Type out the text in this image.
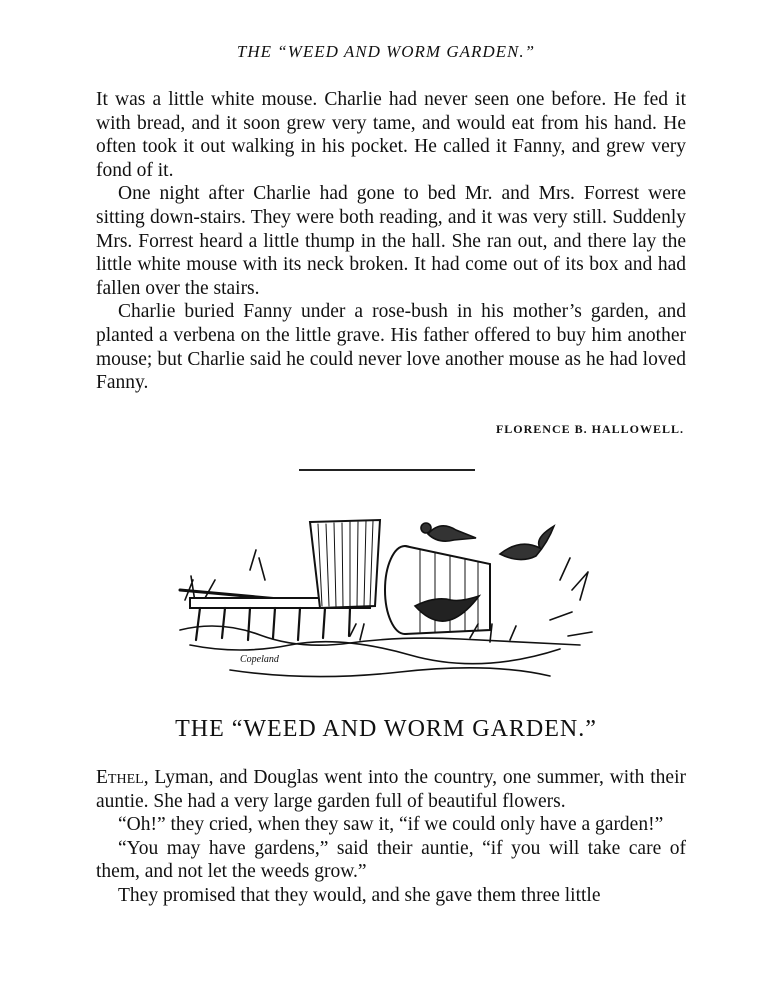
THE “WEED AND WORM GARDEN.”

It was a little white mouse. Charlie had never seen one before. He fed it with bread, and it soon grew very tame, and would eat from his hand. He often took it out walking in his pocket. He called it Fanny, and grew very fond of it.

One night after Charlie had gone to bed Mr. and Mrs. Forrest were sitting down-stairs. They were both reading, and it was very still. Suddenly Mrs. Forrest heard a little thump in the hall. She ran out, and there lay the little white mouse with its neck broken. It had come out of its box and had fallen over the stairs.

Charlie buried Fanny under a rose-bush in his mother’s garden, and planted a verbena on the little grave. His father offered to buy him another mouse; but Charlie said he could never love another mouse as he had loved Fanny.

FLORENCE B. HALLOWELL.
Copeland
THE “WEED AND WORM GARDEN.”

Ethel, Lyman, and Douglas went into the country, one summer, with their auntie. She had a very large garden full of beautiful flowers.

“Oh!” they cried, when they saw it, “if we could only have a garden!”

“You may have gardens,” said their auntie, “if you will take care of them, and not let the weeds grow.”

They promised that they would, and she gave them three little
